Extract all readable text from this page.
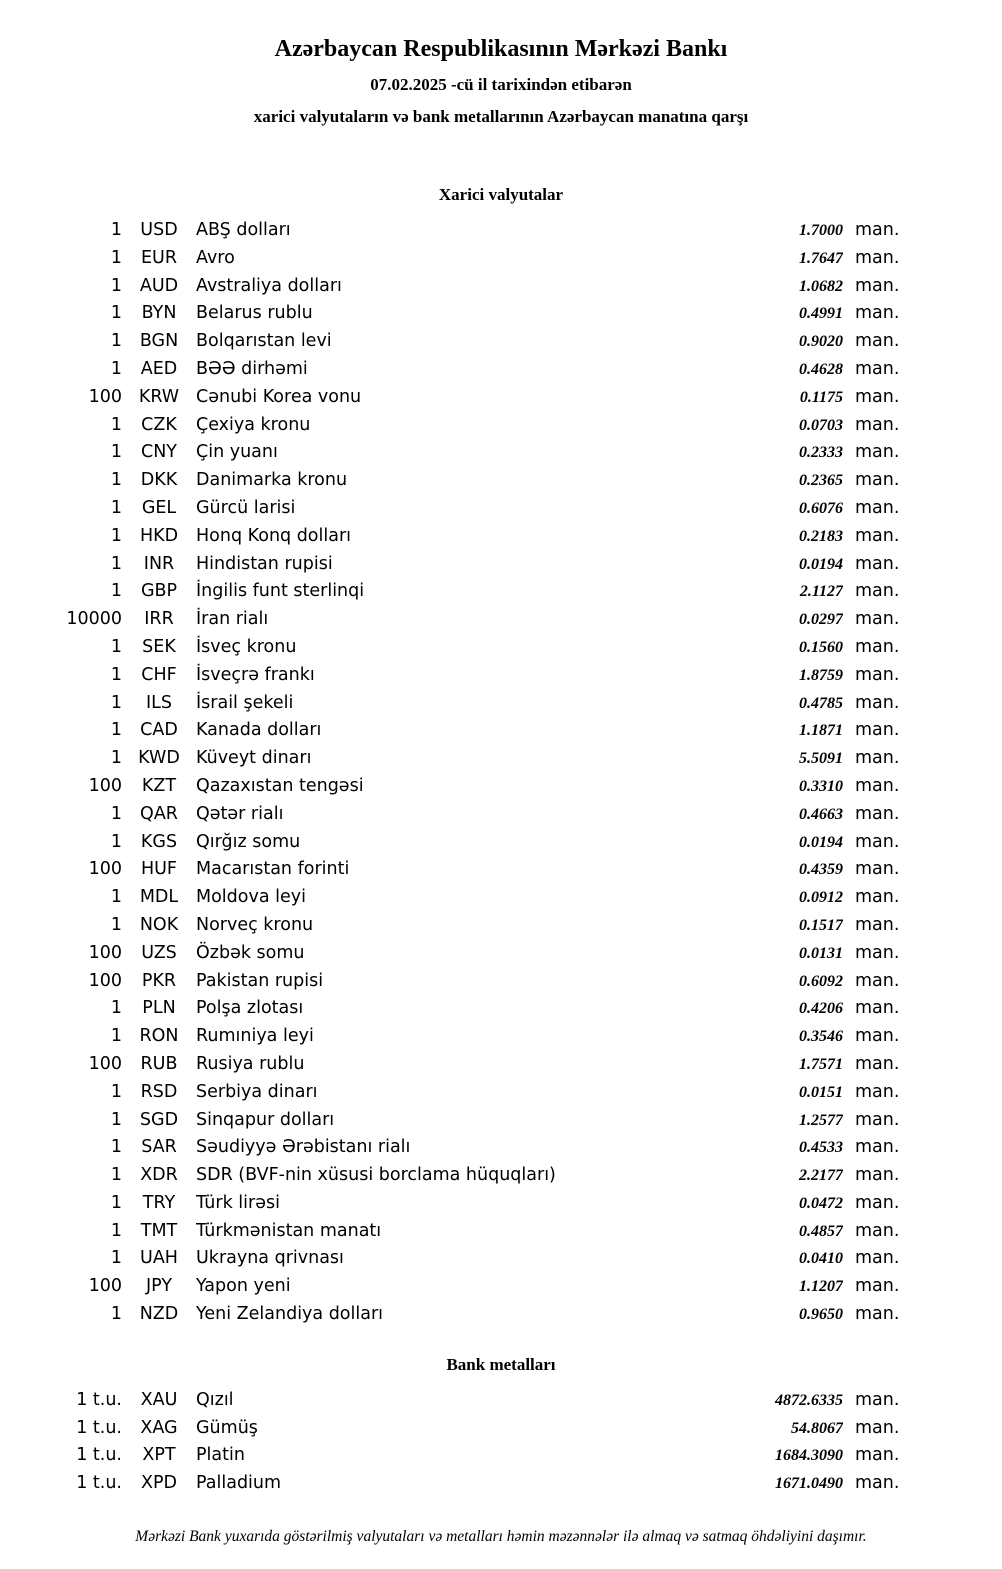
Azərbaycan Respublikasının Mərkəzi Bankı

07.02.2025 -cü il tarixindən etibarən

xarici valyutaların və bank metallarının Azərbaycan manatına qarşı

Xarici valyutalar
1	USD	ABŞ dolları	1.7000 man.
1	EUR	Avro	1.7647 man.
1	AUD	Avstraliya dolları	1.0682 man.
1	BYN	Belarus rublu	0.4991 man.
1	BGN	Bolqarıstan levi	0.9020 man.
1	AED	BƏƏ dirhəmi	0.4628 man.
100 KRW Cənubi Korea vonu	0.1175 man.
1	CZK	Çexiya kronu	0.0703 man.
1	CNY	Çin yuanı	0.2333 man.
1	DKK	Danimarka kronu	0.2365 man.
1	GEL	Gürcü larisi	0.6076 man.
1	HKD	Honq Konq dolları	0.2183 man.
1	INR	Hindistan rupisi	0.0194 man.
1	GBP	İngilis funt sterlinqi	2.1127 man.
10000	IRR	İran rialı	0.0297 man.
1	SEK	İsveç kronu	0.1560 man.
1	CHF	İsveçrə frankı	1.8759 man.
1	ILS	İsrail şekeli	0.4785 man.
1	CAD	Kanada dolları	1.1871 man.
1 KWD Küveyt dinarı	5.5091 man.
100	KZT	Qazaxıstan tengəsi	0.3310 man.
1	QAR	Qətər rialı	0.4663 man.
1	KGS	Qırğız somu	0.0194 man.
100	HUF	Macarıstan forinti	0.4359 man.
1	MDL	Moldova leyi	0.0912 man.
1	NOK	Norveç kronu	0.1517 man.
100	UZS	Özbək somu	0.0131 man.
100	PKR	Pakistan rupisi	0.6092 man.
1	PLN	Polşa zlotası	0.4206 man.
1 RON Rumıniya leyi	0.3546 man.
100	RUB	Rusiya rublu	1.7571 man.
1	RSD	Serbiya dinarı	0.0151 man.
1	SGD	Sinqapur dolları	1.2577 man.
1	SAR	Səudiyyə Ərəbistanı rialı	0.4533 man.
1	XDR	SDR (BVF-nin xüsusi borclama hüquqları)	2.2177 man.
1	TRY	Türk lirəsi	0.0472 man.
1	TMT	Türkmənistan manatı	0.4857 man.
1	UAH	Ukrayna qrivnası	0.0410 man.
100	JPY	Yapon yeni	1.1207 man.
1	NZD	Yeni Zelandiya dolları	0.9650 man.
Bank metalları
1 t.u.	XAU	Qızıl	4872.6335 man.
1 t.u.	XAG	Gümüş	54.8067 man.
1 t.u.	XPT	Platin	1684.3090 man.
1 t.u.	XPD	Palladium	1671.0490 man.

Mərkəzi Bank yuxarıda göstərilmiş valyutaları və metalları həmin məzənnələr ilə almaq və satmaq öhdəliyini daşımır.
